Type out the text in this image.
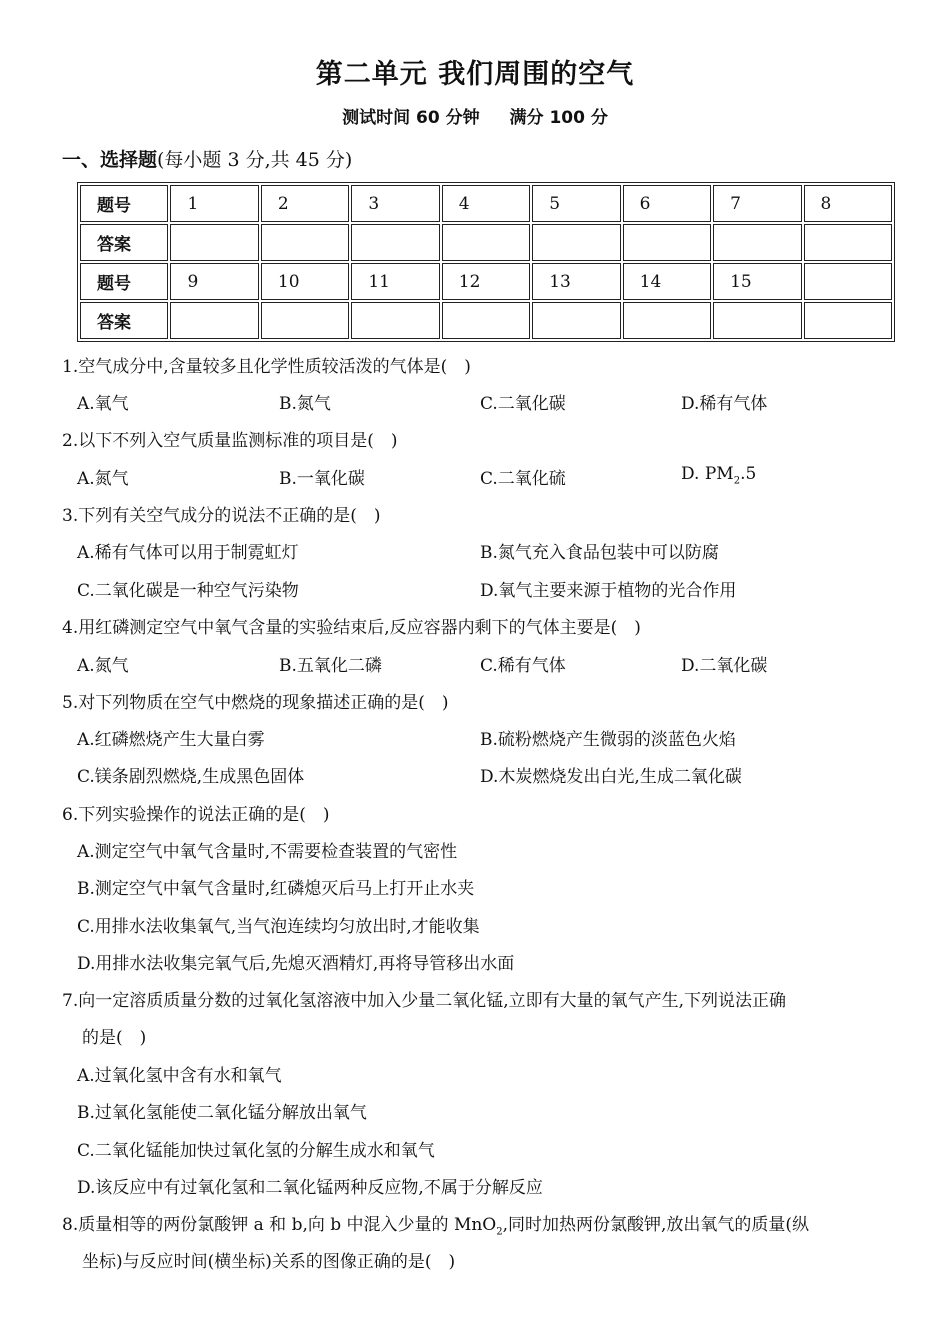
第二单元 我们周围的空气
测试时间 60 分钟 满分 100 分
一、选择题(每小题 3 分,共 45 分)
题号	1	2	3	4	5	6	7	8
答案								
题号	9	10	11	12	13	14	15	
答案								
1.空气成分中,含量较多且化学性质较活泼的气体是(　)
A.氧气	B.氮气	C.二氧化碳	D.稀有气体
2.以下不列入空气质量监测标准的项目是(　)
A.氮气	B.一氧化碳	C.二氧化硫	D. $PM_2.5$
3.下列有关空气成分的说法不正确的是(　)
A.稀有气体可以用于制霓虹灯	B.氮气充入食品包装中可以防腐
C.二氧化碳是一种空气污染物	D.氧气主要来源于植物的光合作用
4.用红磷测定空气中氧气含量的实验结束后,反应容器内剩下的气体主要是(　)
A.氮气	B.五氧化二磷	C.稀有气体	D.二氧化碳
5.对下列物质在空气中燃烧的现象描述正确的是(　)
A.红磷燃烧产生大量白雾	B.硫粉燃烧产生微弱的淡蓝色火焰
C.镁条剧烈燃烧,生成黑色固体	D.木炭燃烧发出白光,生成二氧化碳
6.下列实验操作的说法正确的是(　)
A.测定空气中氧气含量时,不需要检查装置的气密性
B.测定空气中氧气含量时,红磷熄灭后马上打开止水夹
C.用排水法收集氧气,当气泡连续均匀放出时,才能收集
D.用排水法收集完氧气后,先熄灭酒精灯,再将导管移出水面
7.向一定溶质质量分数的过氧化氢溶液中加入少量二氧化锰,立即有大量的氧气产生,下列说法正确
的是(　)
A.过氧化氢中含有水和氧气
B.过氧化氢能使二氧化锰分解放出氧气
C.二氧化锰能加快过氧化氢的分解生成水和氧气
D.该反应中有过氧化氢和二氧化锰两种反应物,不属于分解反应
8.质量相等的两份氯酸钾 a 和 b,向 b 中混入少量的 MnO$_2$,同时加热两份氯酸钾,放出氧气的质量(纵
坐标)与反应时间(横坐标)关系的图像正确的是(　)
